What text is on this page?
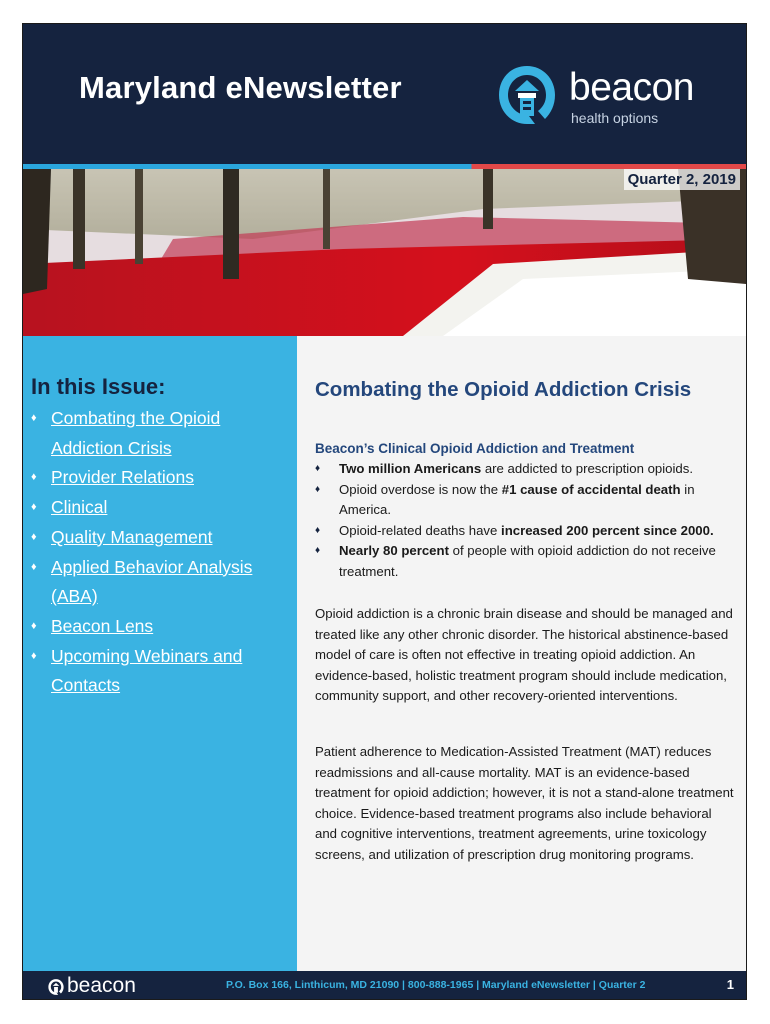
Maryland eNewsletter	beacon
health options
Quarter 2, 2019
In this Issue:
♦ Combating the Opioid Addiction Crisis
♦ Provider Relations
♦ Clinical
♦ Quality Management
♦ Applied Behavior Analysis (ABA)
♦ Beacon Lens
♦ Upcoming Webinars and Contacts
Combating the Opioid Addiction Crisis
Beacon’s Clinical Opioid Addiction and Treatment
♦ Two million Americans are addicted to prescription opioids.
♦ Opioid overdose is now the #1 cause of accidental death in America.
♦ Opioid-related deaths have increased 200 percent since 2000.
♦ Nearly 80 percent of people with opioid addiction do not receive treatment.

Opioid addiction is a chronic brain disease and should be managed and treated like any other chronic disorder. The historical abstinence-based model of care is often not effective in treating opioid addiction. An evidence-based, holistic treatment program should include medication, community support, and other recovery-oriented interventions.

Patient adherence to Medication-Assisted Treatment (MAT) reduces readmissions and all-cause mortality. MAT is an evidence-based treatment for opioid addiction; however, it is not a stand-alone treatment choice. Evidence-based treatment programs also include behavioral and cognitive interventions, treatment agreements, urine toxicology screens, and utilization of prescription drug monitoring programs.

beacon	P.O. Box 166, Linthicum, MD 21090 | 800-888-1965 | Maryland eNewsletter | Quarter 2	1
